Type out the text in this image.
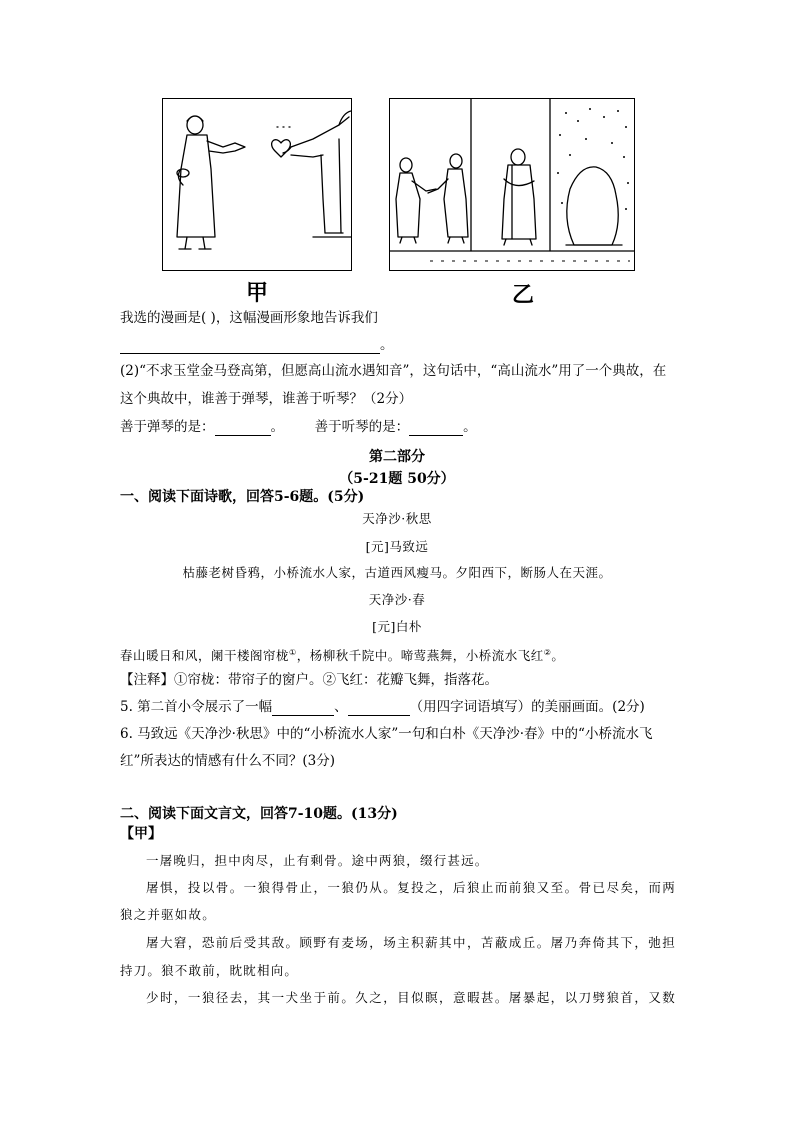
甲	乙
我选的漫画是( )，这幅漫画形象地告诉我们
。
(2)“不求玉堂金马登高第，但愿高山流水遇知音”，这句话中，“高山流水”用了一个典故，在
这个典故中，谁善于弹琴，谁善于听琴？（2分）
善于弹琴的是：	。 善于听琴的是：	。
第二部分
（5-21题 50分）
一、阅读下面诗歌，回答5-6题。(5分)
天净沙·秋思
[元]马致远
枯藤老树昏鸦，小桥流水人家，古道西风瘦马。夕阳西下，断肠人在天涯。
天净沙·春
[元]白朴
春山暖日和风，阑干楼阁帘栊①，杨柳秋千院中。啼莺燕舞，小桥流水飞红②。
【注释】①帘栊：带帘子的窗户。②飞红：花瓣飞舞，指落花。
5. 第二首小令展示了一幅	、	（用四字词语填写）的美丽画面。(2分)
6. 马致远《天净沙·秋思》中的“小桥流水人家”一句和白朴《天净沙·春》中的“小桥流水飞
红”所表达的情感有什么不同？(3分)
二、阅读下面文言文，回答7-10题。(13分)
【甲】
一屠晚归，担中肉尽，止有剩骨。途中两狼，缀行甚远。
屠惧，投以骨。一狼得骨止，一狼仍从。复投之，后狼止而前狼又至。骨已尽矣，而两
狼之并驱如故。
屠大窘，恐前后受其敌。顾野有麦场，场主积薪其中，苫蔽成丘。屠乃奔倚其下，弛担
持刀。狼不敢前，眈眈相向。
少时，一狼径去，其一犬坐于前。久之，目似瞑，意暇甚。屠暴起，以刀劈狼首，又数
